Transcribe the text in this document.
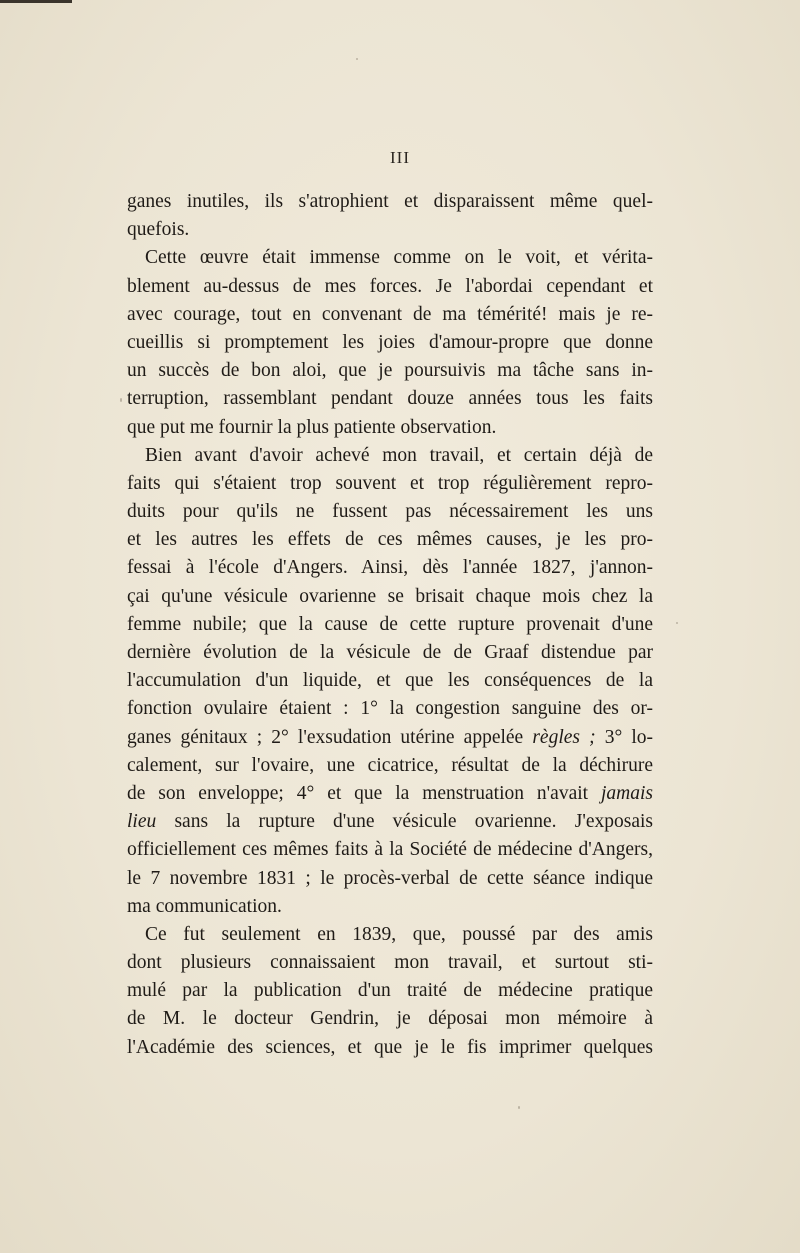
III
ganes inutiles, ils s'atrophient et disparaissent même quel-
quefois.
Cette œuvre était immense comme on le voit, et vérita-
blement au-dessus de mes forces. Je l'abordai cependant et
avec courage, tout en convenant de ma témérité! mais je re-
cueillis si promptement les joies d'amour-propre que donne
un succès de bon aloi, que je poursuivis ma tâche sans in-
terruption, rassemblant pendant douze années tous les faits
que put me fournir la plus patiente observation.
Bien avant d'avoir achevé mon travail, et certain déjà de
faits qui s'étaient trop souvent et trop régulièrement repro-
duits pour qu'ils ne fussent pas nécessairement les uns
et les autres les effets de ces mêmes causes, je les pro-
fessai à l'école d'Angers. Ainsi, dès l'année 1827, j'annon-
çai qu'une vésicule ovarienne se brisait chaque mois chez la
femme nubile; que la cause de cette rupture provenait d'une
dernière évolution de la vésicule de de Graaf distendue par
l'accumulation d'un liquide, et que les conséquences de la
fonction ovulaire étaient : 1° la congestion sanguine des or-
ganes génitaux ; 2° l'exsudation utérine appelée règles ; 3° lo-
calement, sur l'ovaire, une cicatrice, résultat de la déchirure
de son enveloppe; 4° et que la menstruation n'avait jamais
lieu sans la rupture d'une vésicule ovarienne. J'exposais
officiellement ces mêmes faits à la Société de médecine d'Angers,
le 7 novembre 1831 ; le procès-verbal de cette séance indique
ma communication.
Ce fut seulement en 1839, que, poussé par des amis
dont plusieurs connaissaient mon travail, et surtout sti-
mulé par la publication d'un traité de médecine pratique
de M. le docteur Gendrin, je déposai mon mémoire à
l'Académie des sciences, et que je le fis imprimer quelques
